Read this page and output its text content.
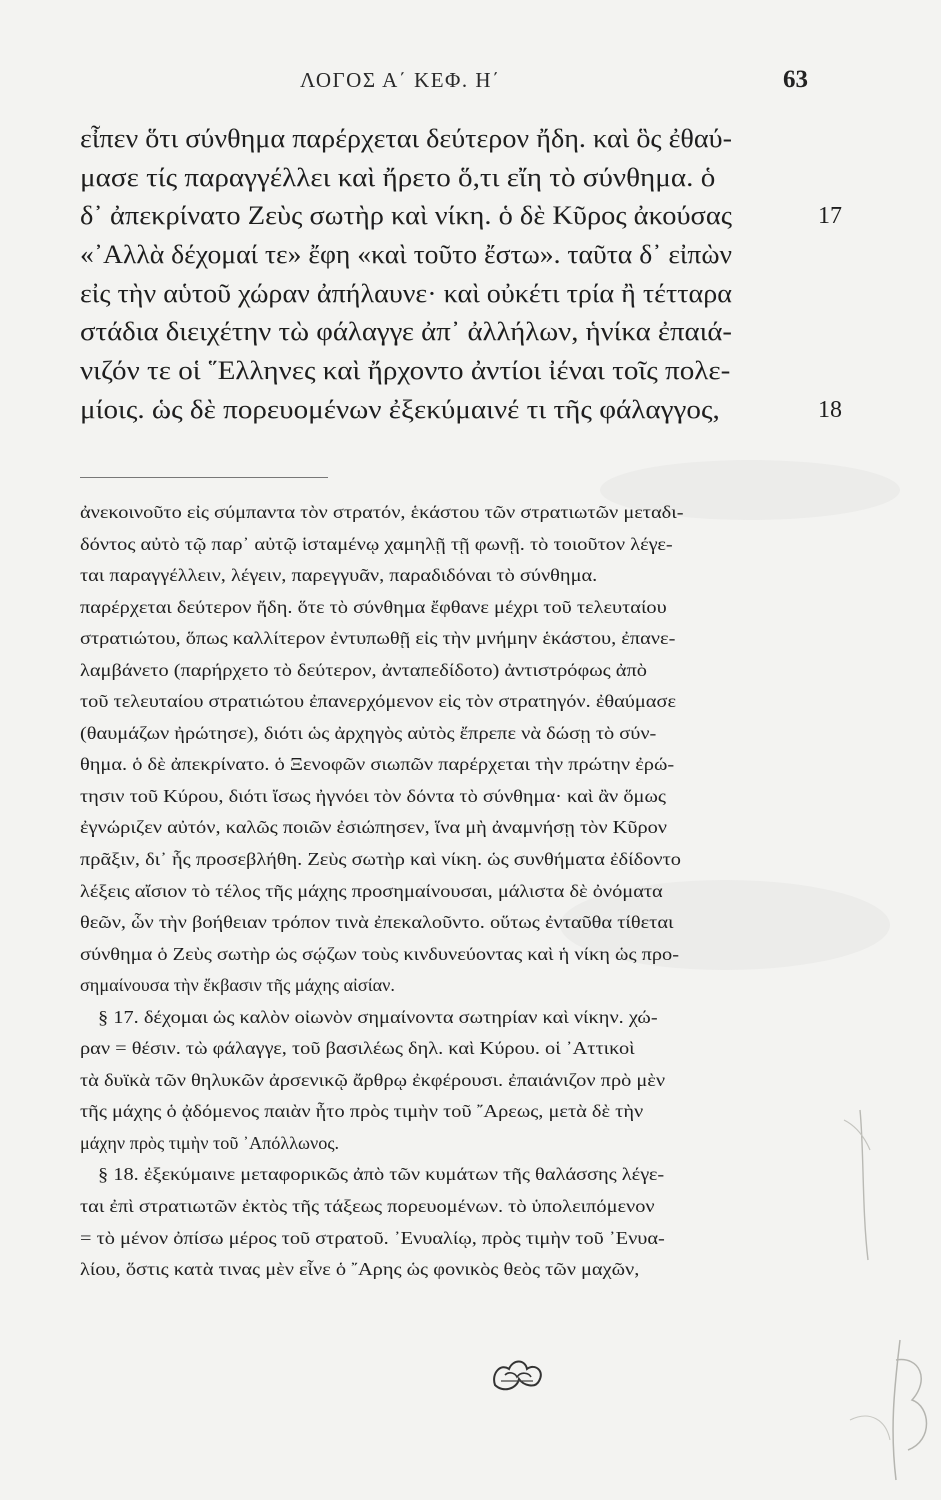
ΛΟΓΟΣ Α΄ ΚΕΦ. Η΄	63
εἶπεν ὅτι σύνθημα παρέρχεται δεύτερον ἤδη. καὶ ὃς ἐθαύ-
μασε τίς παραγγέλλει καὶ ἤρετο ὅ,τι εἴη τὸ σύνθημα. ὁ
δ᾽ ἀπεκρίνατο Ζεὺς σωτὴρ καὶ νίκη. ὁ δὲ Κῦρος ἀκούσας	17
«᾽Αλλὰ δέχομαί τε» ἔφη «καὶ τοῦτο ἔστω». ταῦτα δ᾽ εἰπὼν
εἰς τὴν αὑτοῦ χώραν ἀπήλαυνε· καὶ οὐκέτι τρία ἢ τέτταρα
στάδια διειχέτην τὼ φάλαγγε ἀπ᾽ ἀλλήλων, ἡνίκα ἐπαιά-
νιζόν τε οἱ ῞Ελληνες καὶ ἤρχοντο ἀντίοι ἰέναι τοῖς πολε-
μίοις. ὡς δὲ πορευομένων ἐξεκύμαινέ τι τῆς φάλαγγος,	18
ἀνεκοινοῦτο εἰς σύμπαντα τὸν στρατόν, ἑκάστου τῶν στρατιωτῶν μεταδι-
δόντος αὐτὸ τῷ παρ᾽ αὐτῷ ἱσταμένῳ χαμηλῇ τῇ φωνῇ. τὸ τοιοῦτον λέγε-
ται παραγγέλλειν, λέγειν, παρεγγυᾶν, παραδιδόναι τὸ σύνθημα.
παρέρχεται δεύτερον ἤδη. ὅτε τὸ σύνθημα ἔφθανε μέχρι τοῦ τελευταίου
στρατιώτου, ὅπως καλλίτερον ἐντυπωθῇ εἰς τὴν μνήμην ἑκάστου, ἐπανε-
λαμβάνετο (παρήρχετο τὸ δεύτερον, ἀνταπεδίδοτο) ἀντιστρόφως ἀπὸ
τοῦ τελευταίου στρατιώτου ἐπανερχόμενον εἰς τὸν στρατηγόν. ἐθαύμασε
(θαυμάζων ἠρώτησε), διότι ὡς ἀρχηγὸς αὐτὸς ἔπρεπε νὰ δώσῃ τὸ σύν-
θημα. ὁ δὲ ἀπεκρίνατο. ὁ Ξενοφῶν σιωπῶν παρέρχεται τὴν πρώτην ἐρώ-
τησιν τοῦ Κύρου, διότι ἴσως ἠγνόει τὸν δόντα τὸ σύνθημα· καὶ ἂν ὅμως
ἐγνώριζεν αὐτόν, καλῶς ποιῶν ἐσιώπησεν, ἵνα μὴ ἀναμνήσῃ τὸν Κῦρον
πρᾶξιν, δι᾽ ἧς προσεβλήθη. Ζεὺς σωτὴρ καὶ νίκη. ὡς συνθήματα ἐδίδοντο
λέξεις αἴσιον τὸ τέλος τῆς μάχης προσημαίνουσαι, μάλιστα δὲ ὀνόματα
θεῶν, ὧν τὴν βοήθειαν τρόπον τινὰ ἐπεκαλοῦντο. οὕτως ἐνταῦθα τίθεται
σύνθημα ὁ Ζεὺς σωτὴρ ὡς σῴζων τοὺς κινδυνεύοντας καὶ ἡ νίκη ὡς προ-
σημαίνουσα τὴν ἔκβασιν τῆς μάχης αἰσίαν.
§ 17. δέχομαι ὡς καλὸν οἰωνὸν σημαίνοντα σωτηρίαν καὶ νίκην. χώ-
ραν = θέσιν. τὼ φάλαγγε, τοῦ βασιλέως δηλ. καὶ Κύρου. οἱ ᾽Αττικοὶ
τὰ δυϊκὰ τῶν θηλυκῶν ἀρσενικῷ ἄρθρῳ ἐκφέρουσι. ἐπαιάνιζον πρὸ μὲν
τῆς μάχης ὁ ᾀδόμενος παιὰν ἦτο πρὸς τιμὴν τοῦ ῎Αρεως, μετὰ δὲ τὴν
μάχην πρὸς τιμὴν τοῦ ᾽Απόλλωνος.
§ 18. ἐξεκύμαινε μεταφορικῶς ἀπὸ τῶν κυμάτων τῆς θαλάσσης λέγε-
ται ἐπὶ στρατιωτῶν ἐκτὸς τῆς τάξεως πορευομένων. τὸ ὑπολειπόμενον
= τὸ μένον ὀπίσω μέρος τοῦ στρατοῦ. ᾽Ενυαλίῳ, πρὸς τιμὴν τοῦ ᾽Ενυα-
λίου, ὅστις κατὰ τινας μὲν εἶνε ὁ ῎Αρης ὡς φονικὸς θεὸς τῶν μαχῶν,
